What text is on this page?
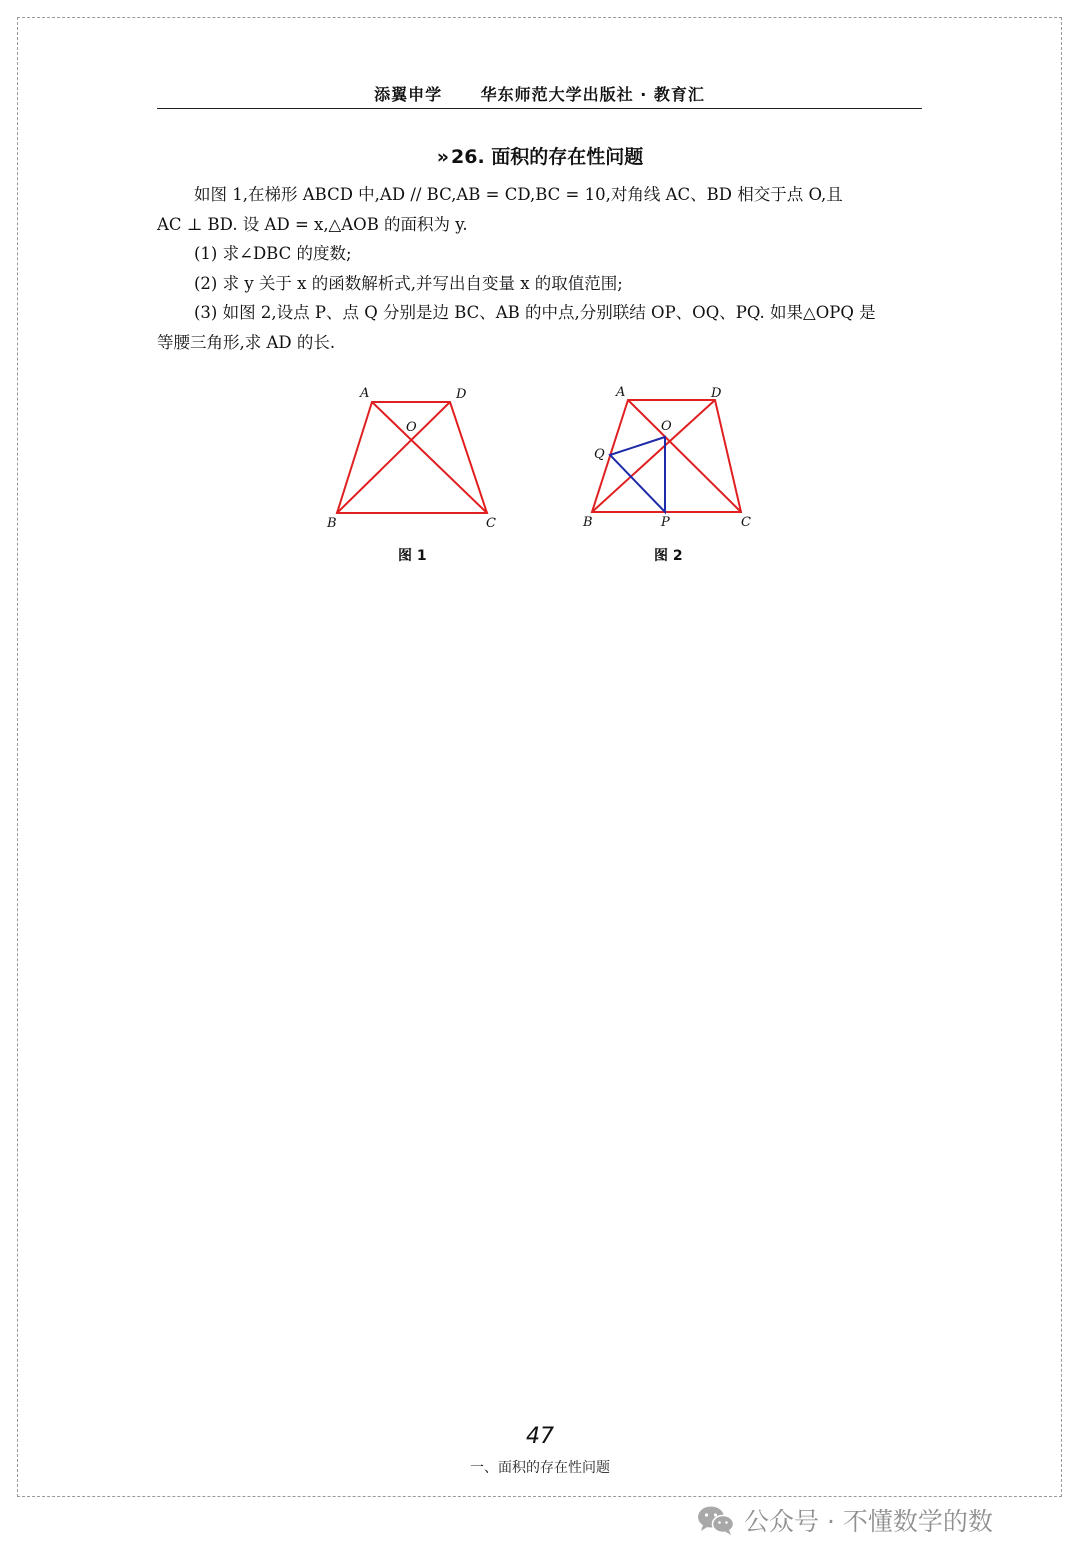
添翼申学 华东师范大学出版社 · 教育汇
» 26. 面积的存在性问题

如图 1,在梯形 ABCD 中,AD // BC,AB = CD,BC = 10,对角线 AC、BD 相交于点 O,且

AC ⊥ BD. 设 AD = x,△AOB 的面积为 y.

(1) 求∠DBC 的度数;

(2) 求 y 关于 x 的函数解析式,并写出自变量 x 的取值范围;

(3) 如图 2,设点 P、点 Q 分别是边 BC、AB 的中点,分别联结 OP、OQ、PQ. 如果△OPQ 是

等腰三角形,求 AD 的长.

A	D
O
B	C
图 1
A	D
O
Q
B	P	C
图 2
47
一、面积的存在性问题
公众号 · 不懂数学的数
